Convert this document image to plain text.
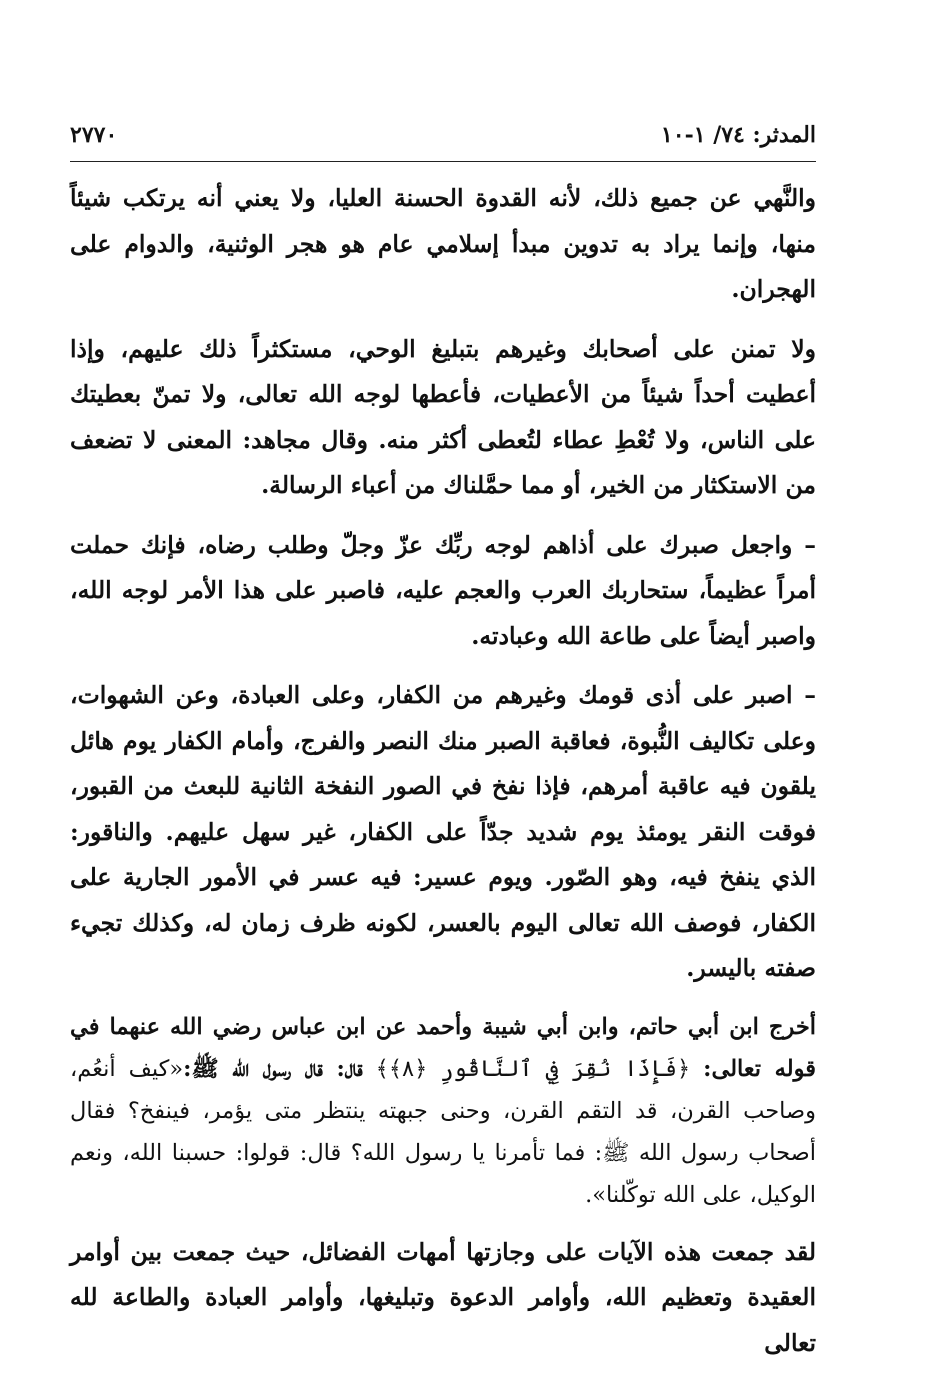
المدثر: ٧٤/ ١-١٠
٢٧٧٠

والنَّهي عن جميع ذلك، لأنه القدوة الحسنة العليا، ولا يعني أنه يرتكب شيئاً منها، وإنما يراد به تدوين مبدأ إسلامي عام هو هجر الوثنية، والدوام على الهجران.

ولا تمنن على أصحابك وغيرهم بتبليغ الوحي، مستكثراً ذلك عليهم، وإذا أعطيت أحداً شيئاً من الأعطيات، فأعطها لوجه الله تعالى، ولا تمنّ بعطيتك على الناس، ولا تُعْطِ عطاء لتُعطى أكثر منه. وقال مجاهد: المعنى لا تضعف من الاستكثار من الخير، أو مما حمَّلناك من أعباء الرسالة.

– واجعل صبرك على أذاهم لوجه ربِّك عزّ وجلّ وطلب رضاه، فإنك حملت أمراً عظيماً، ستحاربك العرب والعجم عليه، فاصبر على هذا الأمر لوجه الله، واصبر أيضاً على طاعة الله وعبادته.

– اصبر على أذى قومك وغيرهم من الكفار، وعلى العبادة، وعن الشهوات، وعلى تكاليف النُّبوة، فعاقبة الصبر منك النصر والفرج، وأمام الكفار يوم هائل يلقون فيه عاقبة أمرهم، فإذا نفخ في الصور النفخة الثانية للبعث من القبور، فوقت النقر يومئذ يوم شديد جدّاً على الكفار، غير سهل عليهم. والناقور: الذي ينفخ فيه، وهو الصّور. ويوم عسير: فيه عسر في الأمور الجارية على الكفار، فوصف الله تعالى اليوم بالعسر، لكونه ظرف زمان له، وكذلك تجيء صفته باليسر.

أخرج ابن أبي حاتم، وابن أبي شيبة وأحمد عن ابن عباس رضي الله عنهما في قوله تعالى: ﴿فَإِذَا نُقِرَ فِي ٱلنَّاقُورِ ﴿٨﴾﴾ قال: قال رسول الله ﷺ:«كيف أنعُم، وصاحب القرن، قد التقم القرن، وحنى جبهته ينتظر متى يؤمر، فينفخ؟ فقال أصحاب رسول الله ﷺ: فما تأمرنا يا رسول الله؟ قال: قولوا: حسبنا الله، ونعم الوكيل، على الله توكّلنا».

لقد جمعت هذه الآيات على وجازتها أمهات الفضائل، حيث جمعت بين أوامر العقيدة وتعظيم الله، وأوامر الدعوة وتبليغها، وأوامر العبادة والطاعة لله تعالى
